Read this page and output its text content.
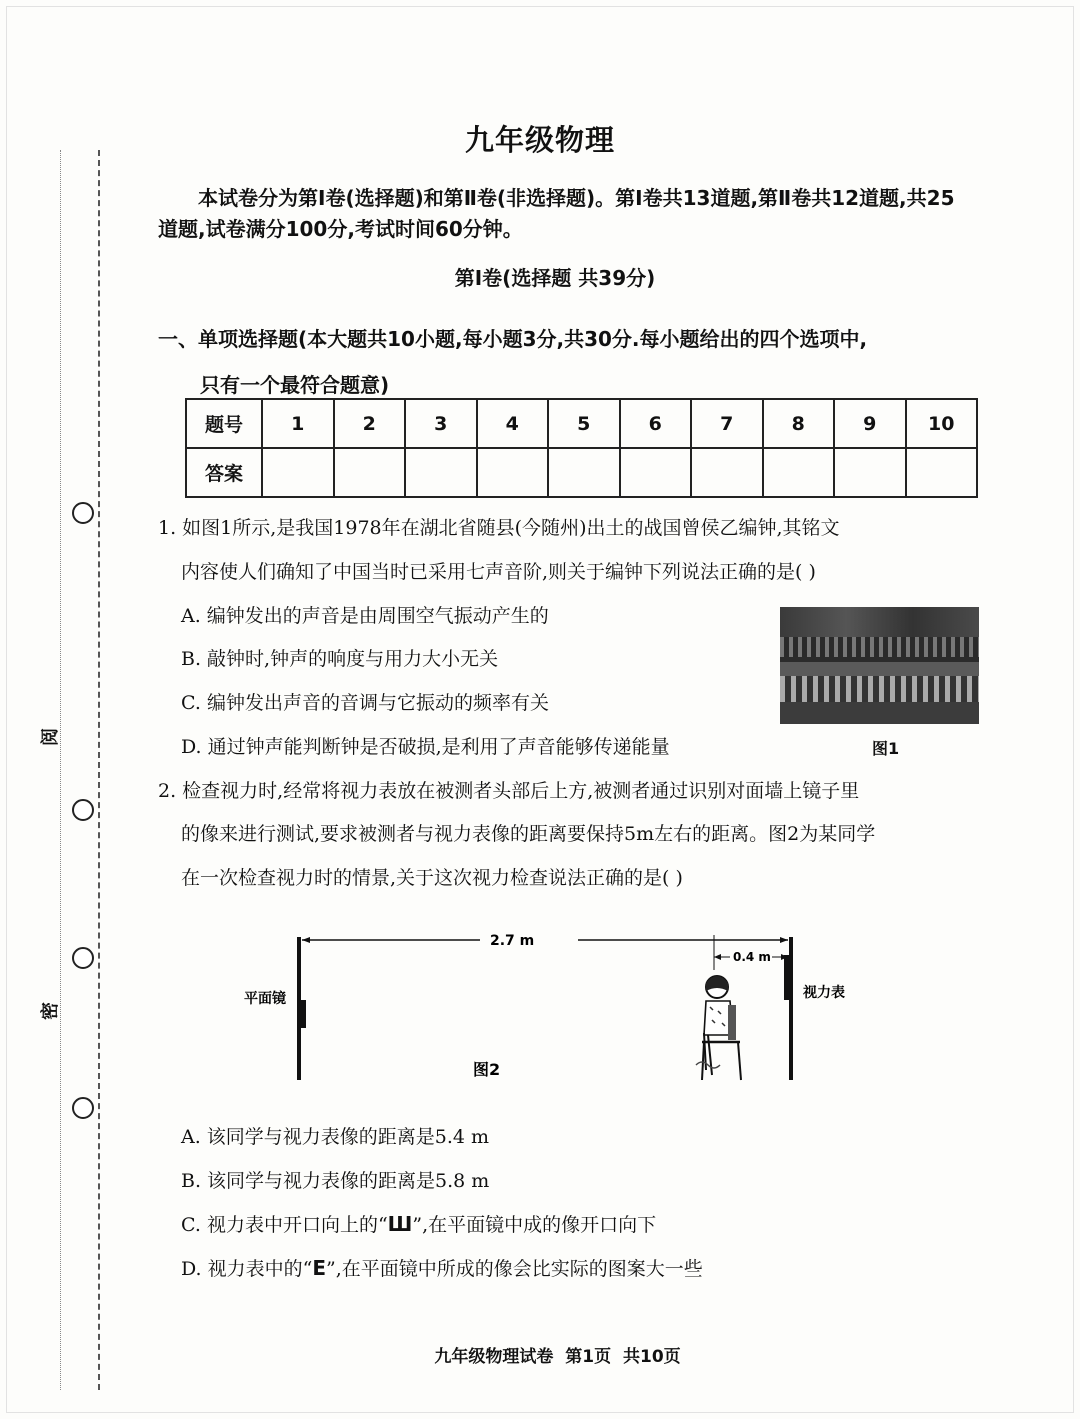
阅
密
九年级物理
本试卷分为第Ⅰ卷(选择题)和第Ⅱ卷(非选择题)。第Ⅰ卷共13道题,第Ⅱ卷共12道题,共25道题,试卷满分100分,考试时间60分钟。
第Ⅰ卷(选择题 共39分)
一、单项选择题(本大题共10小题,每小题3分,共30分.每小题给出的四个选项中,
只有一个最符合题意)
题号	1	2	3	4	5	6	7	8	9	10
答案										
1. 如图1所示,是我国1978年在湖北省随县(今随州)出土的战国曾侯乙编钟,其铭文
内容使人们确知了中国当时已采用七声音阶,则关于编钟下列说法正确的是( )
A. 编钟发出的声音是由周围空气振动产生的
B. 敲钟时,钟声的响度与用力大小无关
C. 编钟发出声音的音调与它振动的频率有关
D. 通过钟声能判断钟是否破损,是利用了声音能够传递能量	图1
2. 检查视力时,经常将视力表放在被测者头部后上方,被测者通过识别对面墙上镜子里
的像来进行测试,要求被测者与视力表像的距离要保持5m左右的距离。图2为某同学
在一次检查视力时的情景,关于这次视力检查说法正确的是( )
2.7 m
0.4 m
平面镜	视力表
图2
A. 该同学与视力表像的距离是5.4 m
B. 该同学与视力表像的距离是5.8 m
C. 视力表中开口向上的“Ш”,在平面镜中成的像开口向下
D. 视力表中的“E”,在平面镜中所成的像会比实际的图案大一些
九年级物理试卷 第1页 共10页
